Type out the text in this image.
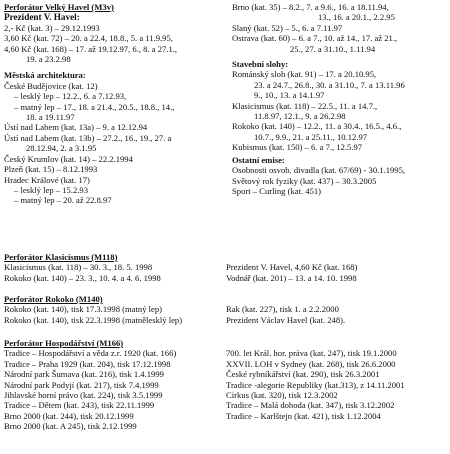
Perforátor Velký Havel (M3v)
Prezident V. Havel:
2,- Kč (kat. 3) – 29.12.1993
3,60 Kč (kat. 72) – 20. a 22.4, 18.8., 5. a 11.9.95,
4,60 Kč (kat. 168) – 17. až 19.12.97, 6., 8. a 27.1.,
19. a 23.2.98
Městská architektura:
České Budějovice (kat. 12)
– lesklý lep – 12.2., 6. a 7.12.93,
– matný lep – 17., 18. a 21.4., 20.5., 18.8., 14.,
18. a 19.11.97
Ústí nad Labem (kat. 13a) – 9. a 12.12.94
Ústí nad Labem (kat. 13b) – 27.2., 16., 19., 27. a
28.12.94, 2. a 3.1.95
Český Krumlov (kat. 14) – 22.2.1994
Plzeň (kat. 15) – 8.12.1993
Hradec Králové (kat. 17)
– lesklý lep – 15.2.93
– matný lep – 20. až 22.8.97
Brno (kat. 35) – 8.2., 7. a 9.6., 16. a 18.11.94,
13., 16. a 20.1., 2.2.95
Slaný (kat. 52) – 5., 6. a 7.11.97
Ostrava (kat. 60) – 6. a 7., 10. až 14., 17. až 21.,
25., 27. a 31.10., 1.11.94
Stavební slohy:
Románský sloh (kat. 91) – 17. a 20.10.95,
23. a 24.7., 26.8., 30. a 31.10., 7. a 13.11.96
9., 10., 13. a 14.1.97
Klasicismus (kat. 118) – 22.5., 11. a 14.7.,
11.8.97, 12.1., 9. a 26.2.98
Rokoko (kat. 140) – 12.2., 11. a 30.4., 16.5., 4.6.,
10.7., 9.9., 21. a 25.11., 10.12.97
Kubismus (kat. 150) – 6. a 7., 12.5.97
Ostatní emise:
Osobnosti osvob. divadla (kat. 67/69) - 30.1.1995,
Světový rok fyziky (kat. 437) – 30.3.2005
Sport – Curling (kat. 451)
Perforátor Klasicismus (M118)
Klasicismus (kat. 118) – 30. 3., 18. 5. 1998
Rokoko (kat. 140) – 23. 3., 10. 4. a 4. 6. 1998
Prezident V. Havel, 4,60 Kč (kat. 168)
Vodnář (kat. 201) – 13. a 14. 10. 1998
Perforátor Rokoko (M140)
Rokoko (kat. 140), tisk 17.3.1998 (matný lep)
Rokoko (kat. 140), tisk 22.3.1998 (matnělesklý lep)
Rak (kat. 227), tisk 1. a 2.2.2000
Prezident Václav Havel (kat. 248).
Perforátor Hospodářství (M166)
Tradice – Hospodářství a věda z.r. 1920 (kat. 166)
Tradice – Praha 1929 (kat. 204), tisk 17.12.1998
Národní park Šumava (kat. 216), tisk 1.4.1999
Národní park Podyjí (kat. 217), tisk 7.4.1999
Jihlavské horní právo (kat. 224), tisk 3.5.1999
Tradice – Dětem (kat. 243), tisk 22.11.1999
Brno 2000 (kat. 244), tisk 20.12.1999
Brno 2000 (kat. A 245), tisk 2.12.1999
700. let Král. hor. práva (kat. 247), tisk 19.1.2000
XXVII. LOH v Sydney (kat. 268), tisk 26.6.2000
České rybníkářství (kat. 290), tisk 26.3.2001
Tradice -alegorie Republiky (kat.313), z 14.11.2001
Cirkus (kat. 320), tisk 12.3.2002
Tradice – Malá dohoda (kat. 347), tisk 3.12.2002
Tradice – Karlštejn (kat. 421), tisk 1.12.2004
